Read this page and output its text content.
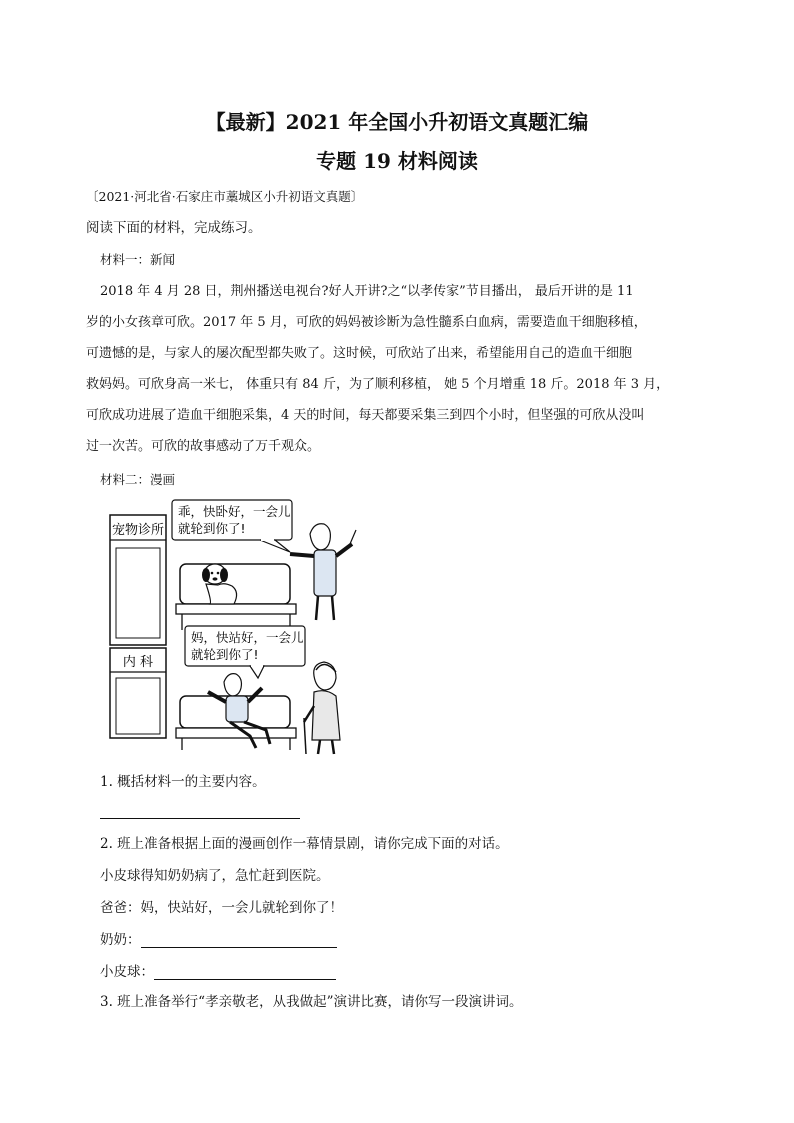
【最新】2021 年全国小升初语文真题汇编
专题 19 材料阅读
〔2021·河北省·石家庄市藁城区小升初语文真题〕
阅读下面的材料，完成练习。
材料一：新闻
2018 年 4 月 28 日，荆州播送电视台?好人开讲?之“以孝传家”节目播出， 最后开讲的是 11
岁的小女孩章可欣。2017 年 5 月，可欣的妈妈被诊断为急性髓系白血病，需要造血干细胞移植，
可遗憾的是，与家人的屡次配型都失败了。这时候，可欣站了出来，希望能用自己的造血干细胞
救妈妈。可欣身高一米七， 体重只有 84 斤，为了顺利移植， 她 5 个月增重 18 斤。2018 年 3 月，
可欣成功进展了造血干细胞采集，4 天的时间，每天都要采集三到四个小时，但坚强的可欣从没叫
过一次苦。可欣的故事感动了万千观众。
材料二：漫画
宠物诊所
乖，快卧好，一会儿
就轮到你了!
内 科
妈，快站好，一会儿
就轮到你了!
1. 概括材料一的主要内容。
2. 班上准备根据上面的漫画创作一幕情景剧，请你完成下面的对话。
小皮球得知奶奶病了，急忙赶到医院。
爸爸：妈，快站好，一会儿就轮到你了！
奶奶：
小皮球：
3. 班上准备举行“孝亲敬老，从我做起”演讲比赛，请你写一段演讲词。
